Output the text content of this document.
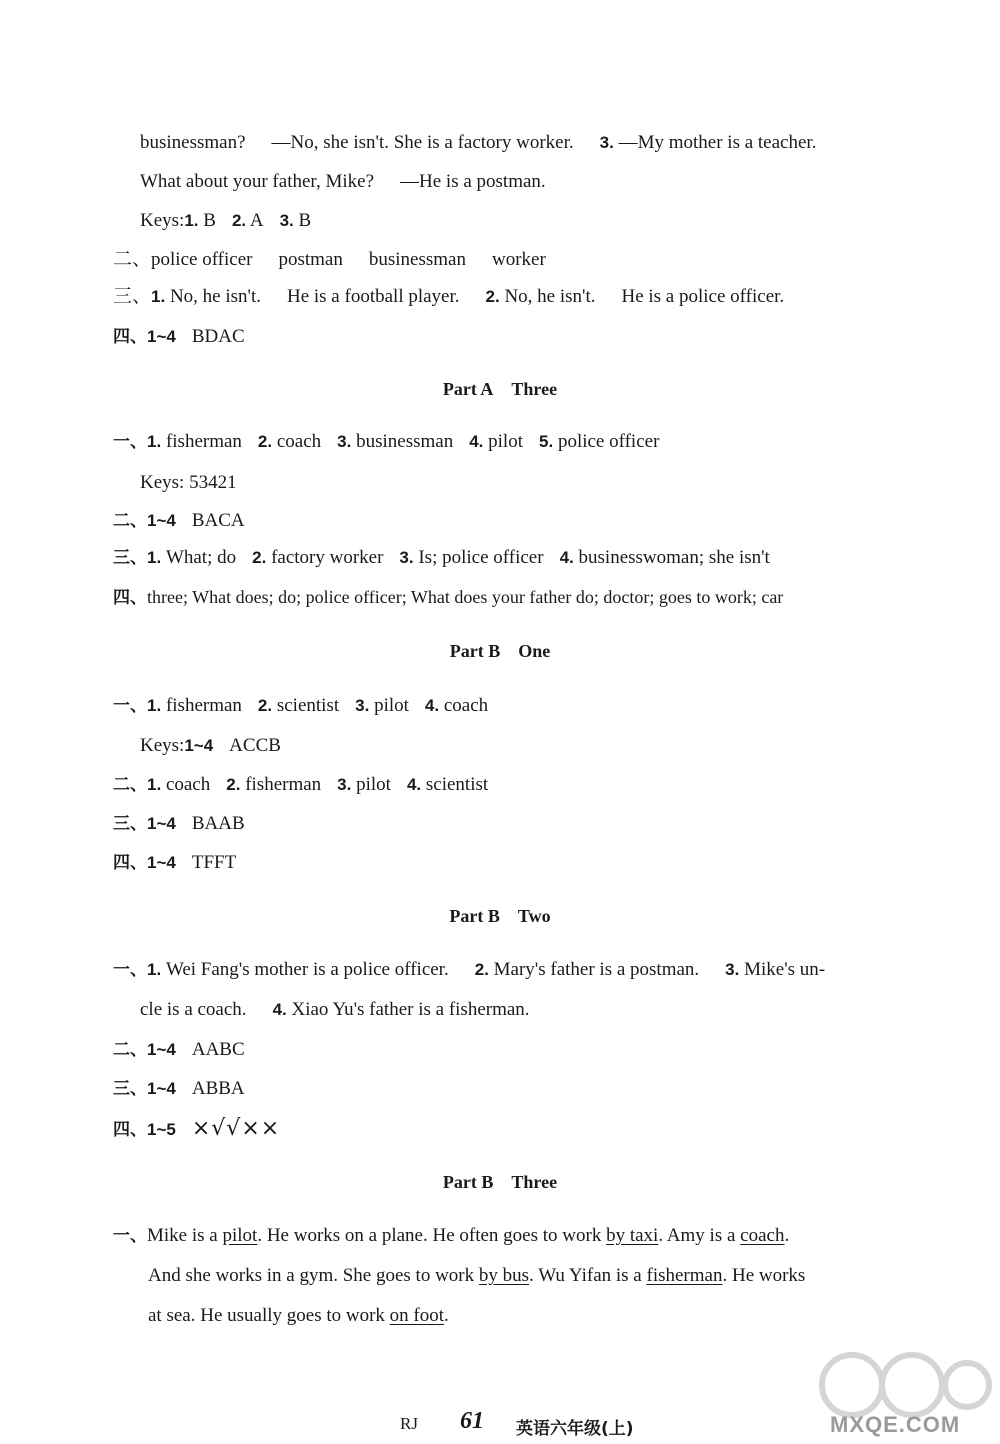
businessman? —No, she isn't. She is a factory worker. 3. —My mother is a teacher.
What about your father, Mike? —He is a postman.
Keys:1. B 2. A 3. B
二、police officer postman businessman worker
三、1. No, he isn't. He is a football player. 2. No, he isn't. He is a police officer.
四、1~4 BDAC
Part A Three
一、1. fisherman 2. coach 3. businessman 4. pilot 5. police officer
Keys: 53421
二、1~4 BACA
三、1. What; do 2. factory worker 3. Is; police officer 4. businesswoman; she isn't
四、three; What does; do; police officer; What does your father do; doctor; goes to work; car
Part B One
一、1. fisherman 2. scientist 3. pilot 4. coach
Keys:1~4 ACCB
二、1. coach 2. fisherman 3. pilot 4. scientist
三、1~4 BAAB
四、1~4 TFFT
Part B Two
一、1. Wei Fang's mother is a police officer. 2. Mary's father is a postman. 3. Mike's un-
cle is a coach. 4. Xiao Yu's father is a fisherman.
二、1~4 AABC
三、1~4 ABBA
四、1~5 ×√√××
Part B Three
一、Mike is a pilot. He works on a plane. He often goes to work by taxi. Amy is a coach.
And she works in a gym. She goes to work by bus. Wu Yifan is a fisherman. He works
at sea. He usually goes to work on foot.
MXQE.COM
RJ 61 英语六年级(上)
